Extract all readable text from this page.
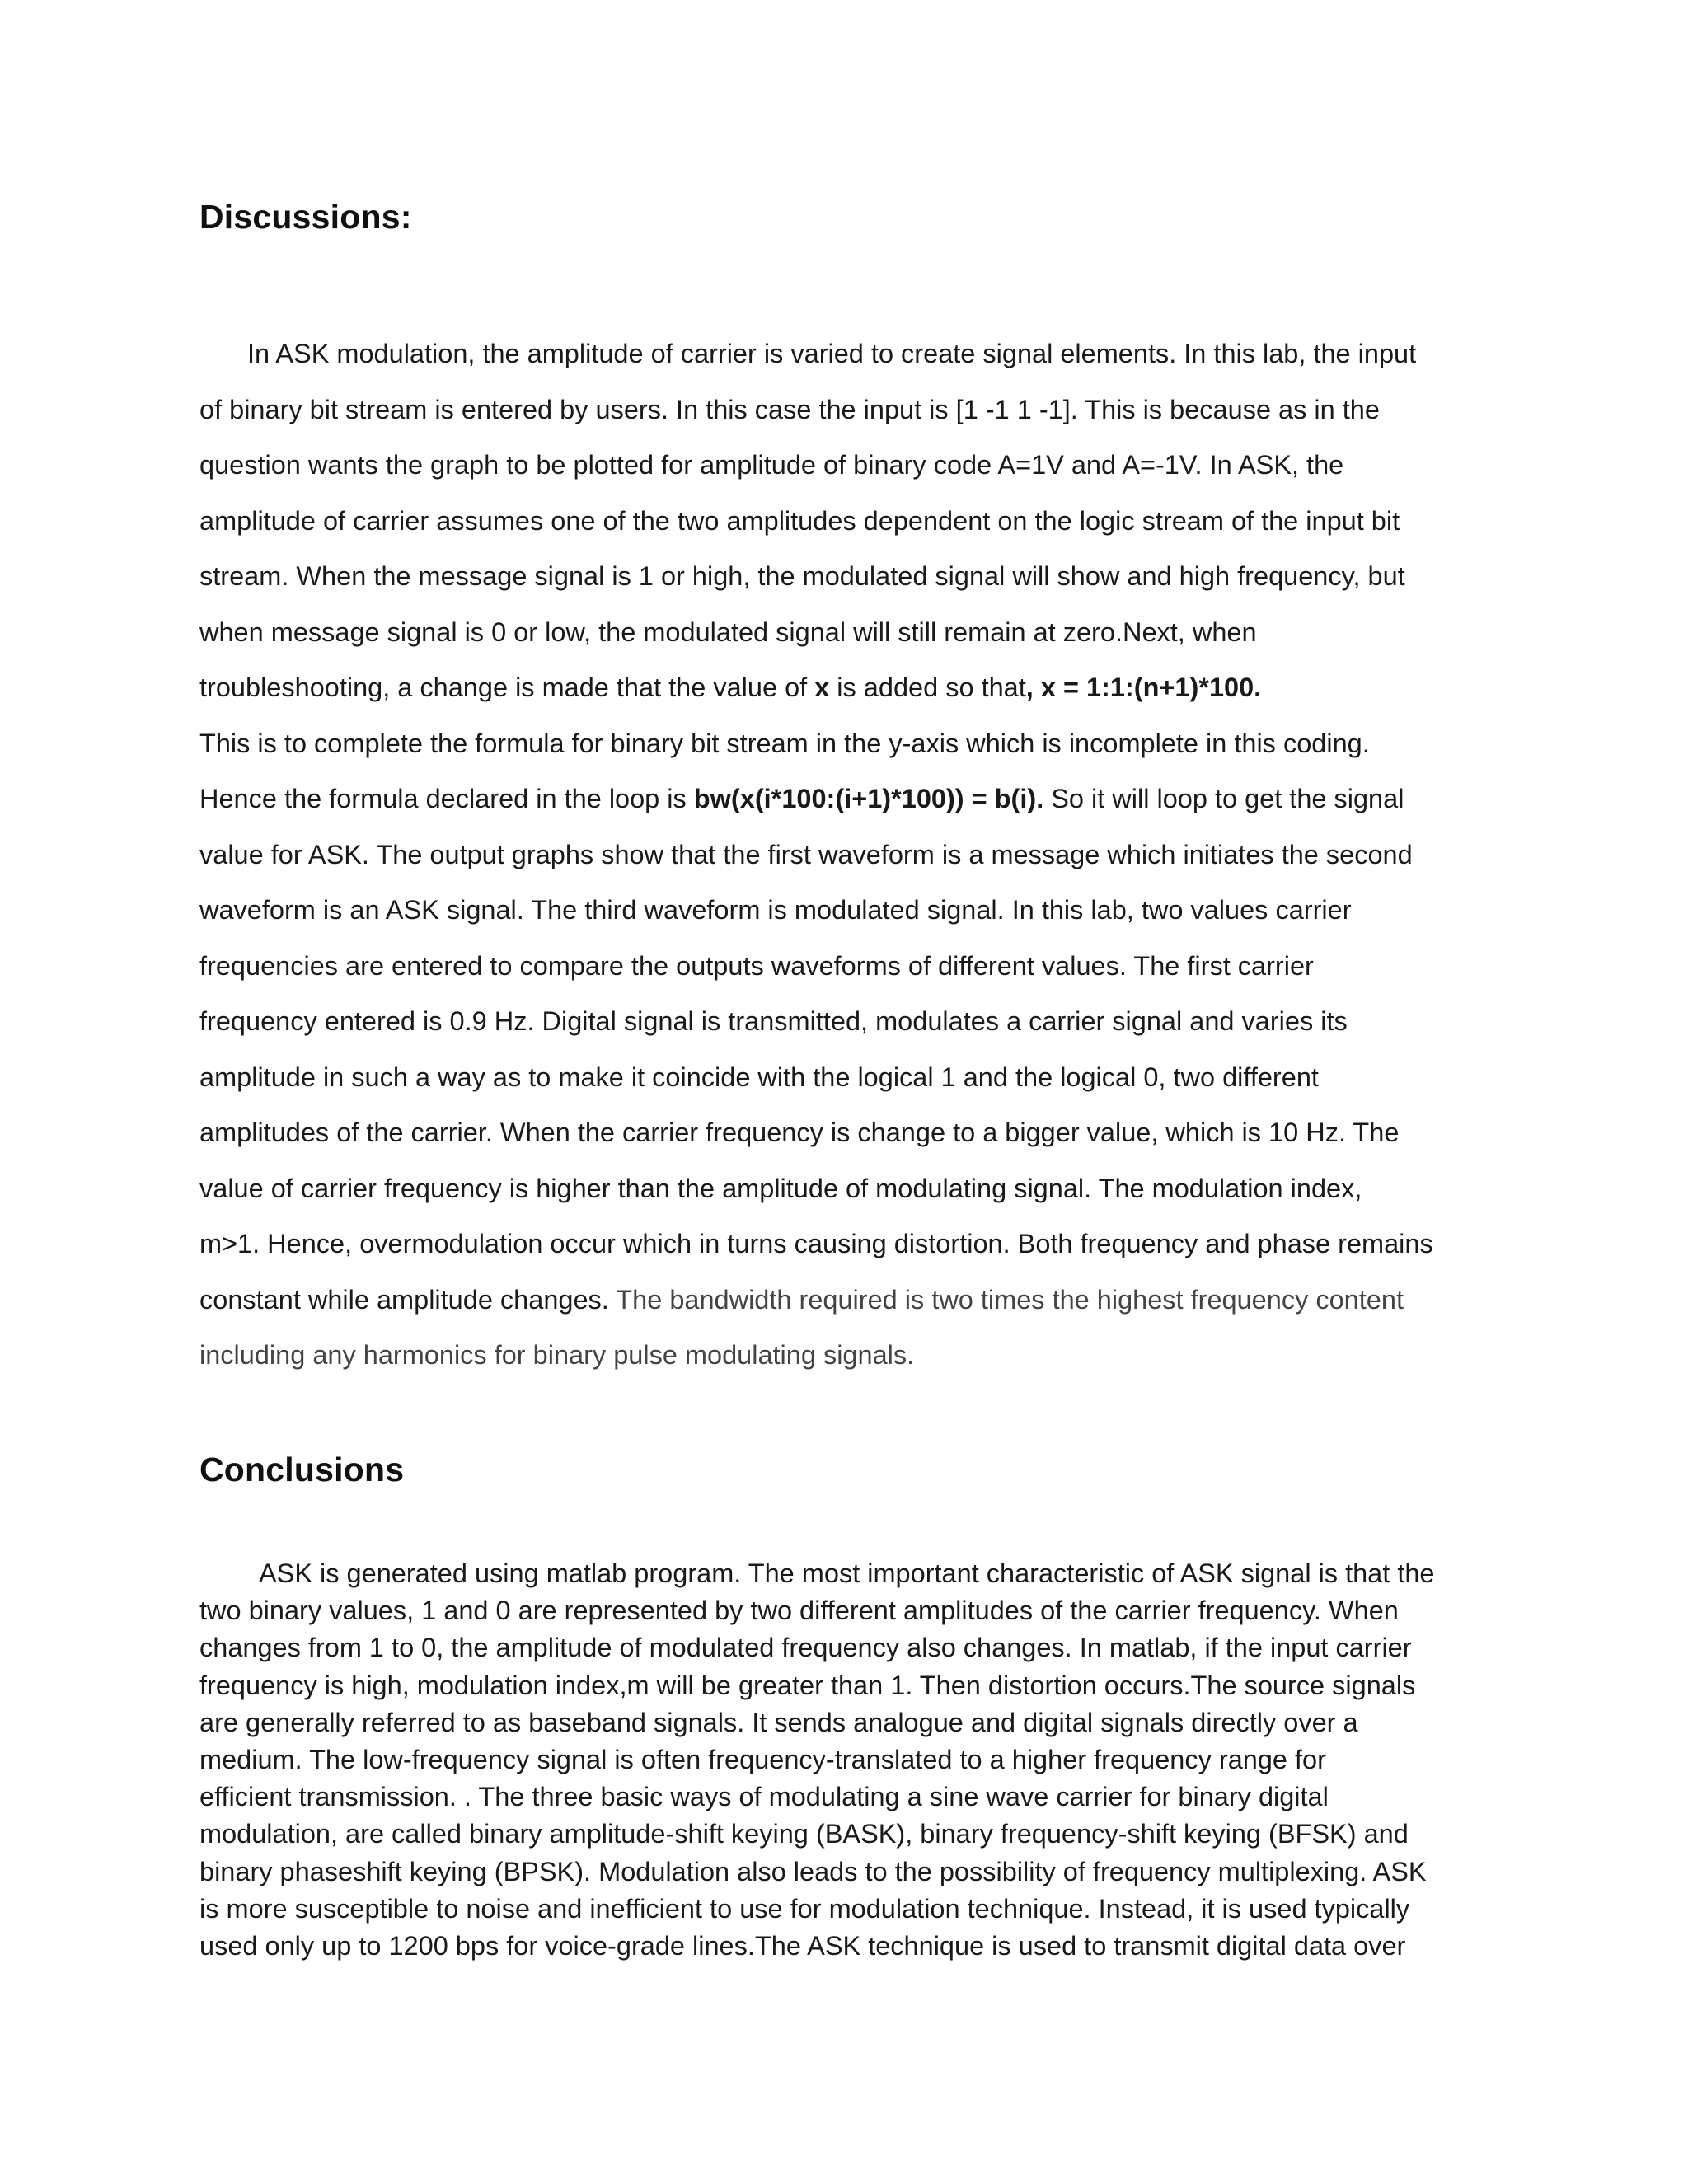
Discussions:
In ASK modulation, the amplitude of carrier is varied to create signal elements. In this lab, the input
of binary bit stream is entered by users. In this case the input is [1 -1 1 -1]. This is because as in the
question wants the graph to be plotted for amplitude of binary code A=1V and A=-1V. In ASK, the
amplitude of carrier assumes one of the two amplitudes dependent on the logic stream of the input bit
stream. When the message signal is 1 or high, the modulated signal will show and high frequency, but
when message signal is 0 or low, the modulated signal will still remain at zero.Next, when
troubleshooting, a change is made that the value of x is added so that, x = 1:1:(n+1)*100.
This is to complete the formula for binary bit stream in the y-axis which is incomplete in this coding.
Hence the formula declared in the loop is bw(x(i*100:(i+1)*100)) = b(i). So it will loop to get the signal
value for ASK. The output graphs show that the first waveform is a message which initiates the second
waveform is an ASK signal. The third waveform is modulated signal. In this lab, two values carrier
frequencies are entered to compare the outputs waveforms of different values. The first carrier
frequency entered is 0.9 Hz. Digital signal is transmitted, modulates a carrier signal and varies its
amplitude in such a way as to make it coincide with the logical 1 and the logical 0, two different
amplitudes of the carrier. When the carrier frequency is change to a bigger value, which is 10 Hz. The
value of carrier frequency is higher than the amplitude of modulating signal. The modulation index,
m>1. Hence, overmodulation occur which in turns causing distortion. Both frequency and phase remains
constant while amplitude changes. The bandwidth required is two times the highest frequency content
including any harmonics for binary pulse modulating signals.
Conclusions
ASK is generated using matlab program. The most important characteristic of ASK signal is that the
two binary values, 1 and 0 are represented by two different amplitudes of the carrier frequency. When
changes from 1 to 0, the amplitude of modulated frequency also changes. In matlab, if the input carrier
frequency is high, modulation index,m will be greater than 1. Then distortion occurs.The source signals
are generally referred to as baseband signals. It sends analogue and digital signals directly over a
medium. The low-frequency signal is often frequency-translated to a higher frequency range for
efficient transmission. . The three basic ways of modulating a sine wave carrier for binary digital
modulation, are called binary amplitude-shift keying (BASK), binary frequency-shift keying (BFSK) and
binary phaseshift keying (BPSK). Modulation also leads to the possibility of frequency multiplexing. ASK
is more susceptible to noise and inefficient to use for modulation technique. Instead, it is used typically
used only up to 1200 bps for voice-grade lines.The ASK technique is used to transmit digital data over
